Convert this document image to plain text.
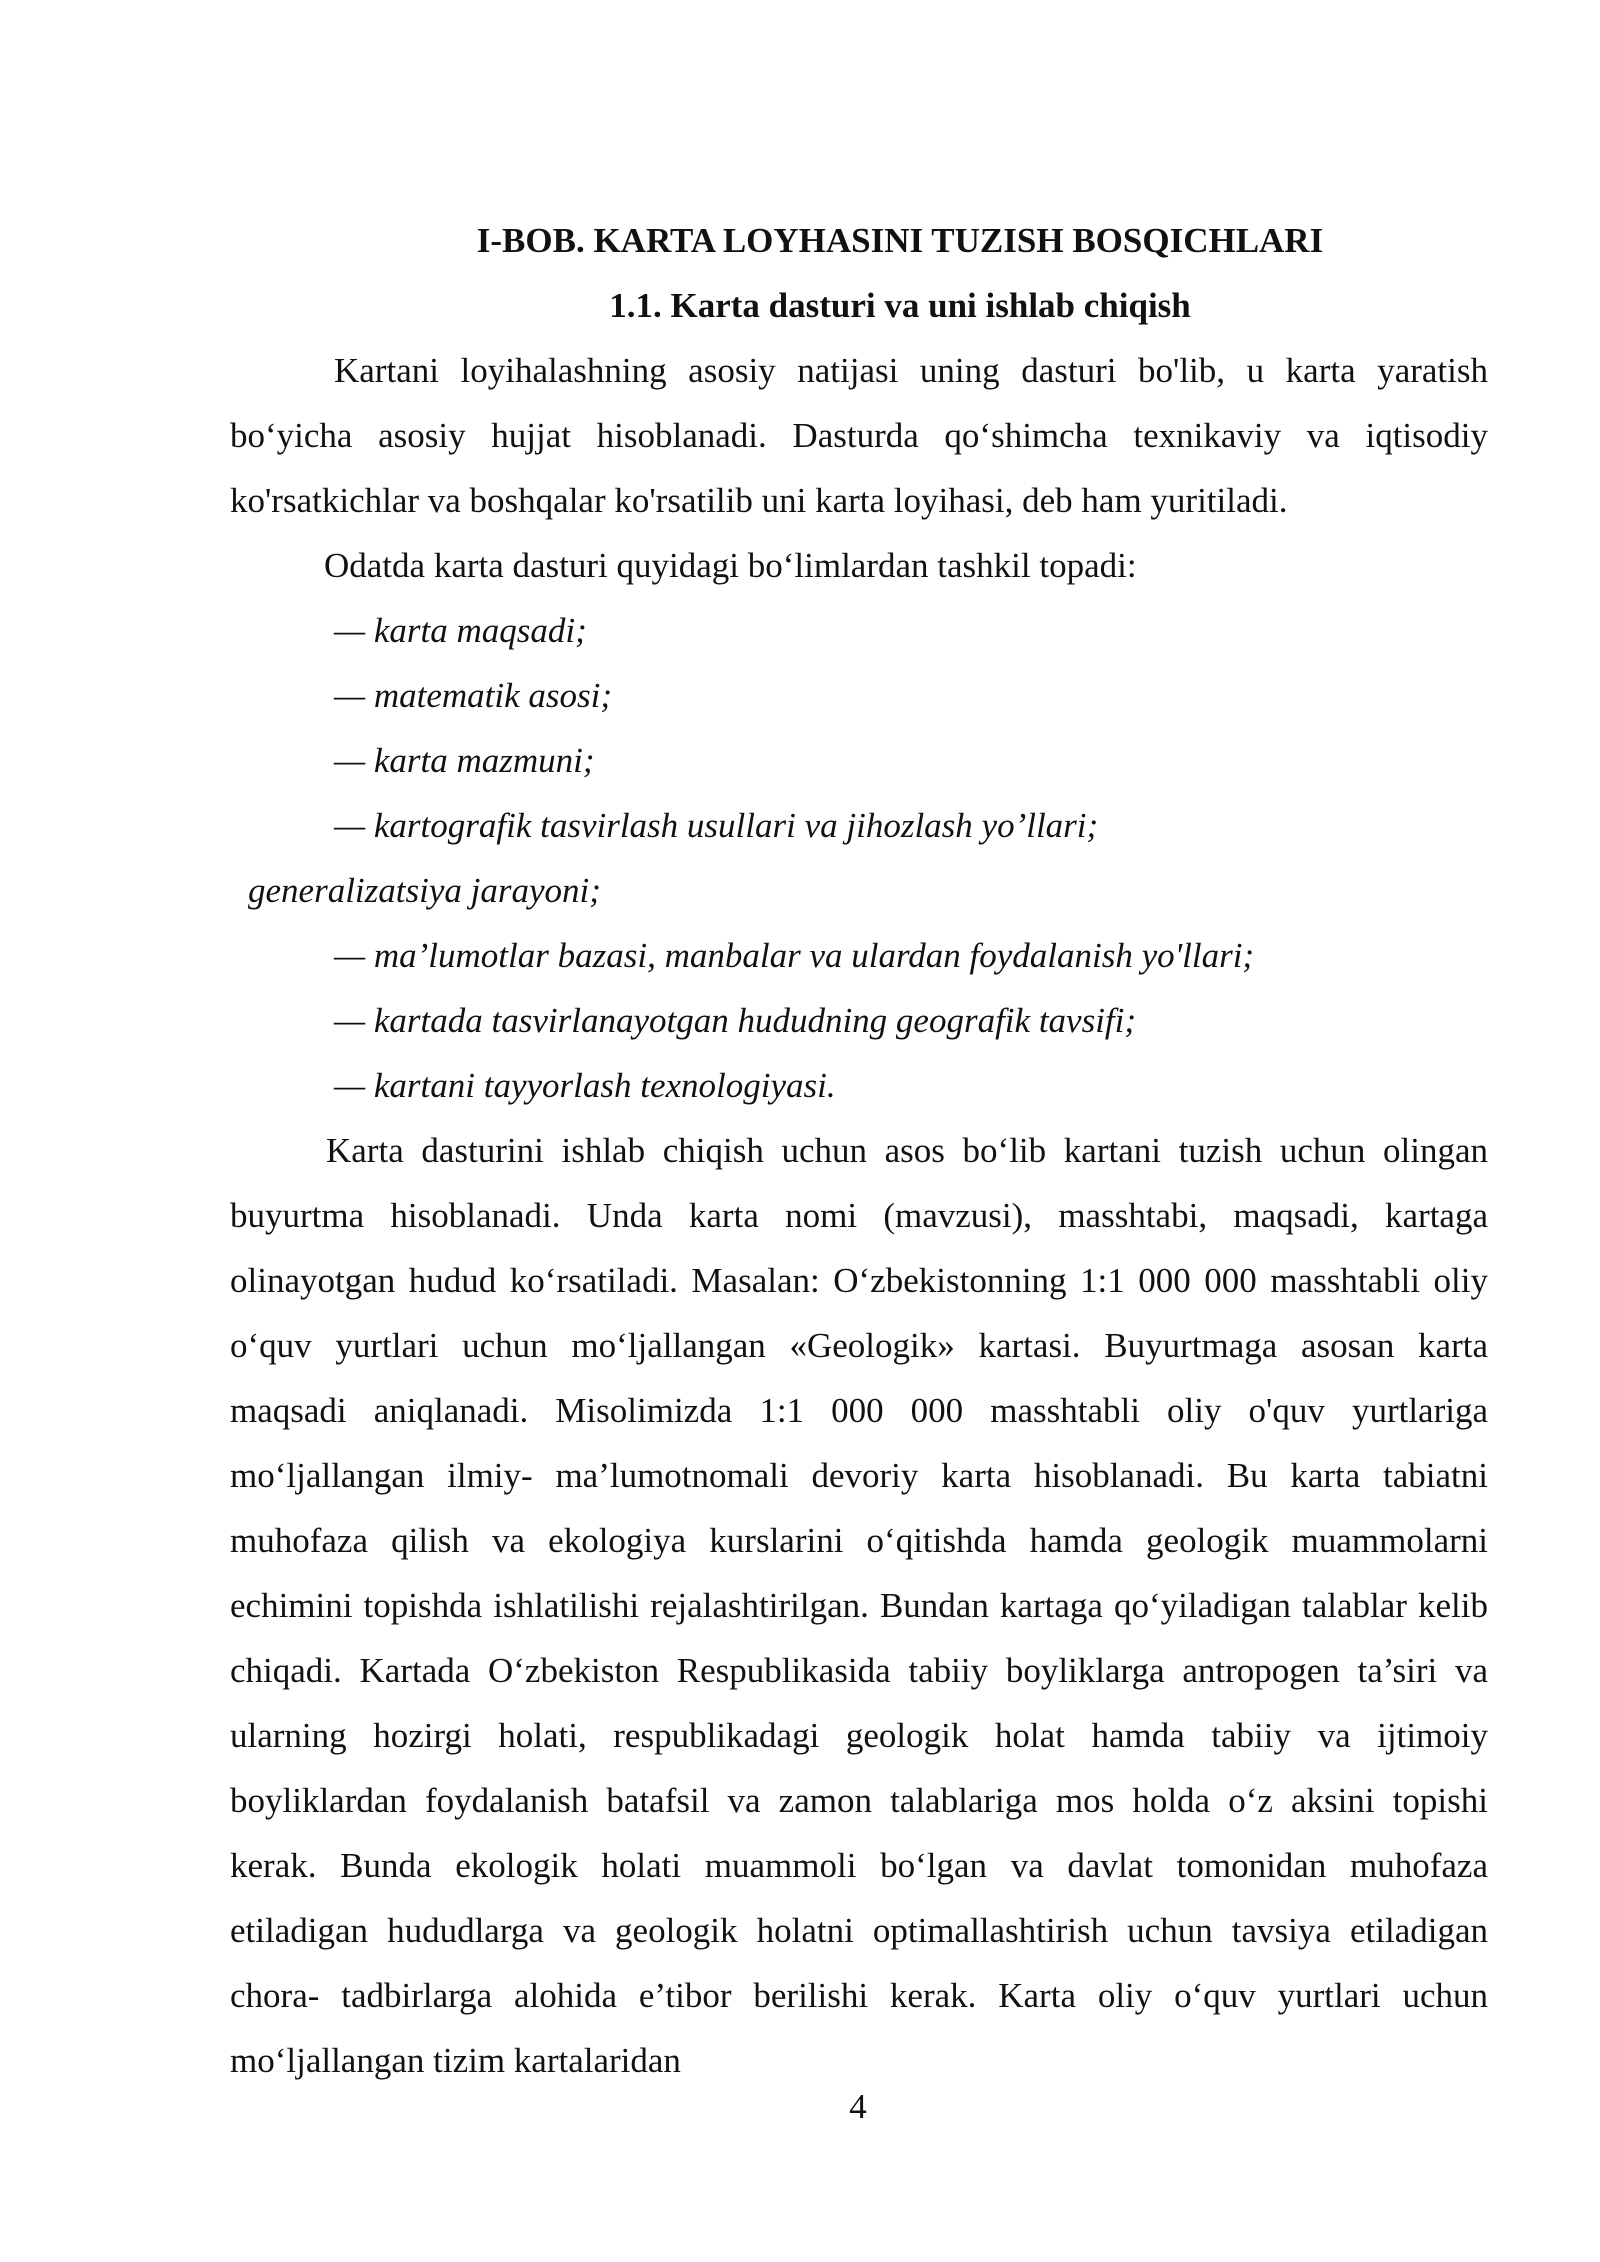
I-BOB. KARTA LOYHASINI TUZISH BOSQICHLARI
1.1. Karta dasturi va uni ishlab chiqish

Kartani loyihalashning asosiy natijasi uning dasturi bo'lib, u karta yaratish bo‘yicha asosiy hujjat hisoblanadi. Dasturda qo‘shimcha texnikaviy va iqtisodiy ko'rsatkichlar va boshqalar ko'rsatilib uni karta loyihasi, deb ham yuritiladi.

Odatda karta dasturi quyidagi bo‘limlardan tashkil topadi:

— karta maqsadi;
— matematik asosi;
— karta mazmuni;
— kartografik tasvirlash usullari va jihozlash yo’llari;
generalizatsiya jarayoni;
— ma’lumotlar bazasi, manbalar va ulardan foydalanish yo'llari;
— kartada tasvirlanayotgan hududning geografik tavsifi;
— kartani tayyorlash texnologiyasi.

Karta dasturini ishlab chiqish uchun asos bo‘lib kartani tuzish uchun olingan buyurtma hisoblanadi. Unda karta nomi (mavzusi), masshtabi, maqsadi, kartaga olinayotgan hudud ko‘rsatiladi. Masalan: O‘zbekistonning 1:1 000 000 masshtabli oliy o‘quv yurtlari uchun mo‘ljallangan «Geologik» kartasi. Buyurtmaga asosan karta maqsadi aniqlanadi. Misolimizda 1:1 000 000 masshtabli oliy o'quv yurtlariga mo‘ljallangan ilmiy- ma’lumotnomali devoriy karta hisoblanadi. Bu karta tabiatni muhofaza qilish va ekologiya kurslarini o‘qitishda hamda geologik muammolarni echimini topishda ishlatilishi rejalashtirilgan. Bundan kartaga qo‘yiladigan talablar kelib chiqadi. Kartada O‘zbekiston Respublikasida tabiiy boyliklarga antropogen ta’siri va ularning hozirgi holati, respublikadagi geologik holat hamda tabiiy va ijtimoiy boyliklardan foydalanish batafsil va zamon talablariga mos holda o‘z aksini topishi kerak. Bunda ekologik holati muammoli bo‘lgan va davlat tomonidan muhofaza etiladigan hududlarga va geologik holatni optimallashtirish uchun tavsiya etiladigan chora- tadbirlarga alohida e’tibor berilishi kerak. Karta oliy o‘quv yurtlari uchun mo‘ljallangan tizim kartalaridan

4
